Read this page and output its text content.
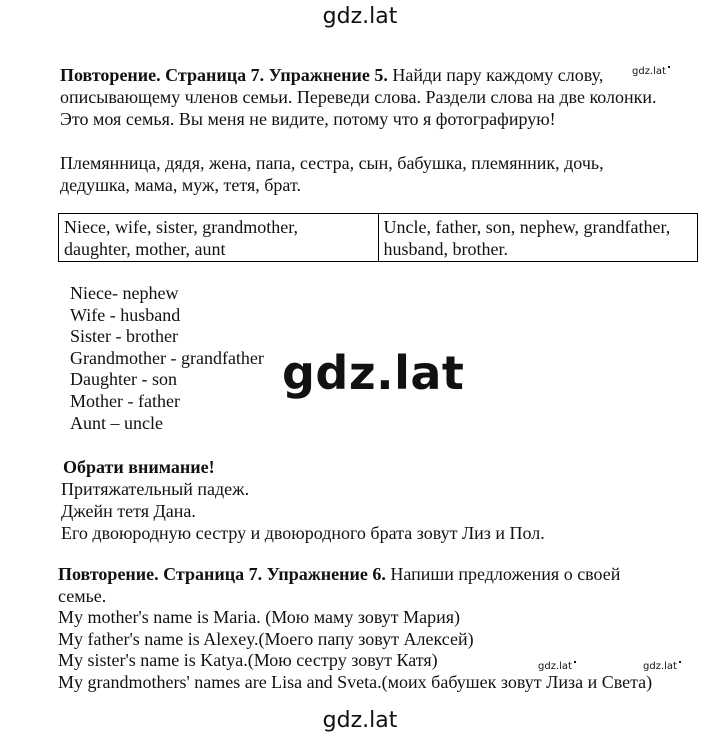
gdz.lat
Повторение. Страница 7. Упражнение 5. Найди пару каждому слову,
описывающему членов семьи. Переведи слова. Раздели слова на две колонки.
Это моя семья. Вы меня не видите, потому что я фотографирую!
gdz.lat
Племянница, дядя, жена, папа, сестра, сын, бабушка, племянник, дочь,
дедушка, мама, муж, тетя, брат.
Niece, wife, sister, grandmother,
daughter, mother, aunt	Uncle, father, son, nephew, grandfather,
husband, brother.
Niece- nephew
Wife - husband
Sister - brother
Grandmother - grandfather
Daughter - son
Mother - father
Aunt – uncle
gdz.lat
Обрати внимание!
Притяжательный падеж.
Джейн тетя Дана.
Его двоюродную сестру и двоюродного брата зовут Лиз и Пол.
Повторение. Страница 7. Упражнение 6. Напиши предложения о своей
семье.
My mother's name is Maria. (Мою маму зовут Мария)
My father's name is Alexey.(Моего папу зовут Алексей)
My sister's name is Katya.(Мою сестру зовут Катя)
My grandmothers' names are Lisa and Sveta.(моих бабушек зовут Лиза и Света)
gdz.lat	gdz.lat
gdz.lat
